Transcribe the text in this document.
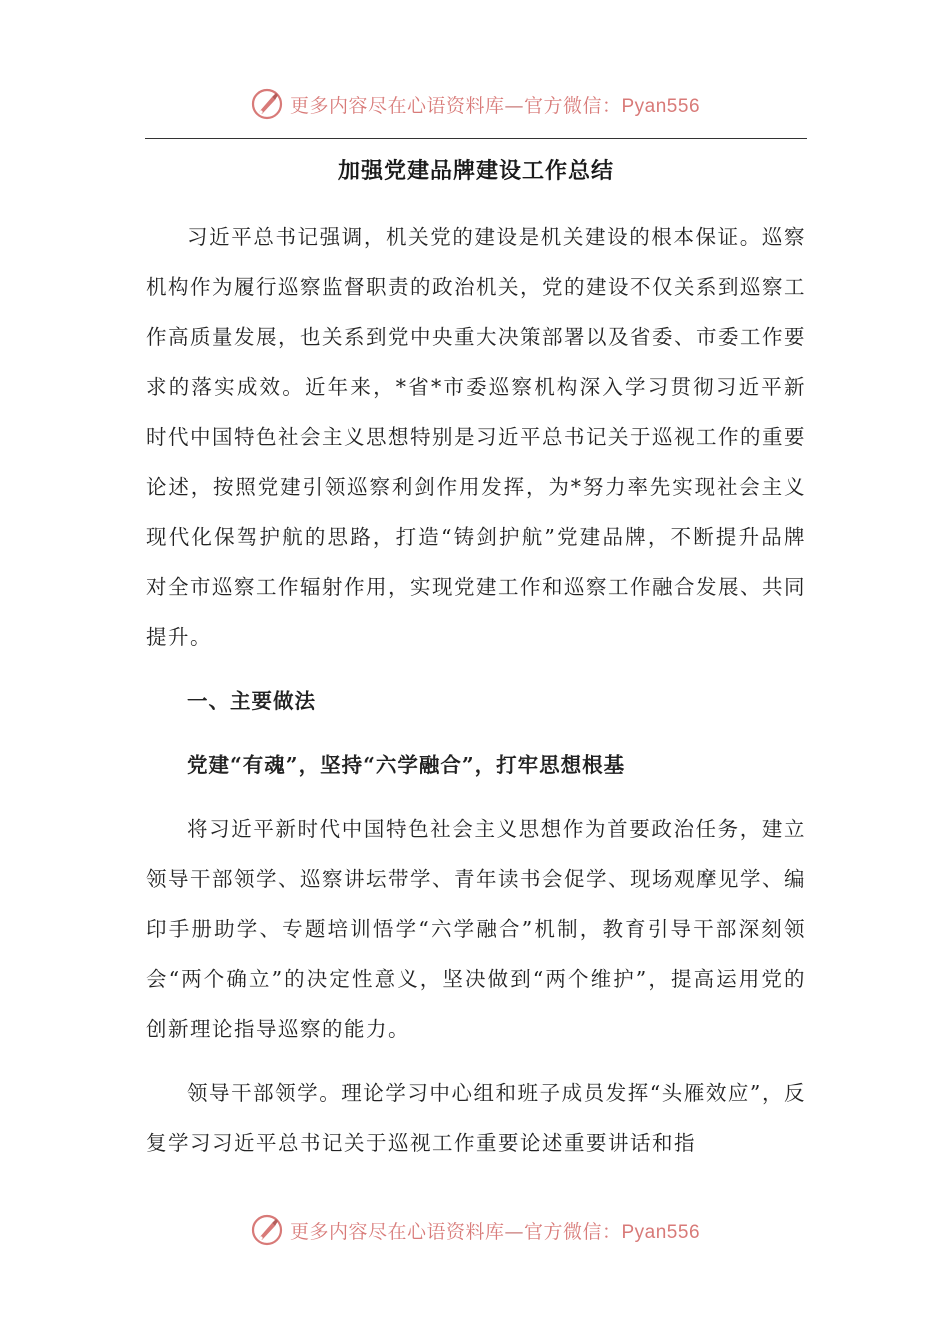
更多内容尽在心语资料库—官方微信：Pyan556
加强党建品牌建设工作总结

习近平总书记强调，机关党的建设是机关建设的根本保证。巡察机构作为履行巡察监督职责的政治机关，党的建设不仅关系到巡察工作高质量发展，也关系到党中央重大决策部署以及省委、市委工作要求的落实成效。近年来，*省*市委巡察机构深入学习贯彻习近平新时代中国特色社会主义思想特别是习近平总书记关于巡视工作的重要论述，按照党建引领巡察利剑作用发挥，为*努力率先实现社会主义现代化保驾护航的思路，打造“铸剑护航”党建品牌，不断提升品牌对全市巡察工作辐射作用，实现党建工作和巡察工作融合发展、共同提升。

一、主要做法

党建“有魂”，坚持“六学融合”，打牢思想根基

将习近平新时代中国特色社会主义思想作为首要政治任务，建立领导干部领学、巡察讲坛带学、青年读书会促学、现场观摩见学、编印手册助学、专题培训悟学“六学融合”机制，教育引导干部深刻领会“两个确立”的决定性意义，坚决做到“两个维护”，提高运用党的创新理论指导巡察的能力。

领导干部领学。理论学习中心组和班子成员发挥“头雁效应”，反复学习习近平总书记关于巡视工作重要论述重要讲话和指

更多内容尽在心语资料库—官方微信：Pyan556
